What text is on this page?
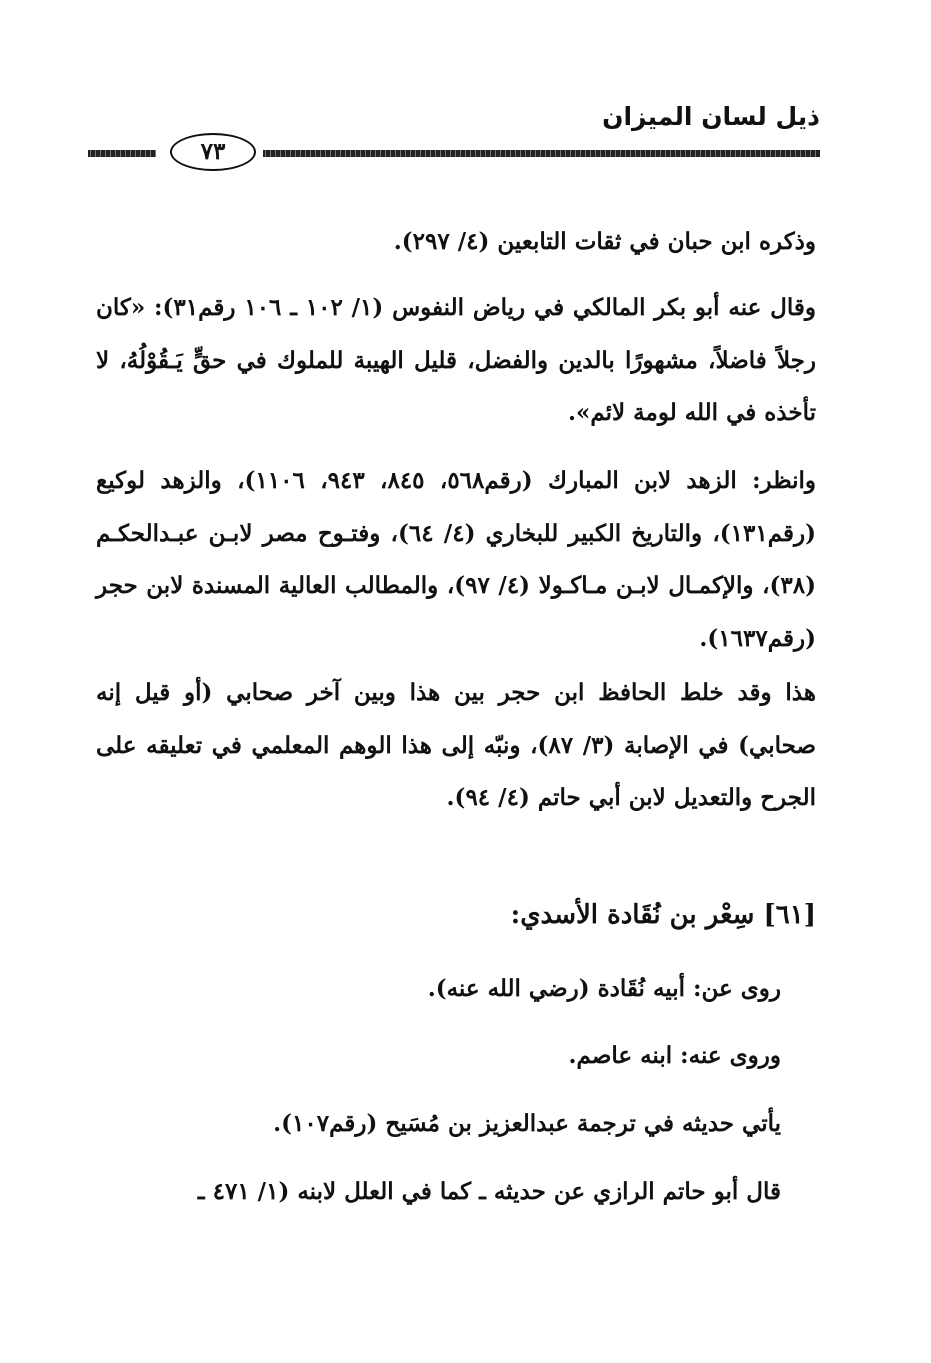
ذيل لسان الميزان
٧٣
وذكره ابن حبان في ثقات التابعين (٤/ ٢٩٧).
وقال عنه أبو بكر المالكي في رياض النفوس (١/ ١٠٢ ـ ١٠٦ رقم٣١): «كان رجلاً فاضلاً، مشهورًا بالدين والفضل، قليل الهيبة للملوك في حقٍّ يَـقُوْلُهُ، لا تأخذه في الله لومة لائم».
وانظر: الزهد لابن المبارك (رقم٥٦٨، ٨٤٥، ٩٤٣، ١١٠٦)، والزهد لوكيع (رقم١٣١)، والتاريخ الكبير للبخاري (٤/ ٦٤)، وفتـوح مصر لابـن عبـدالحكـم (٣٨)، والإكمـال لابـن مـاكـولا (٤/ ٩٧)، والمطالب العالية المسندة لابن حجر (رقم١٦٣٧).
هذا وقد خلط الحافظ ابن حجر بين هذا وبين آخر صحابي (أو قيل إنه صحابي) في الإصابة (٣/ ٨٧)، ونبّه إلى هذا الوهم المعلمي في تعليقه على الجرح والتعديل لابن أبي حاتم (٤/ ٩٤).
[٦١] سِعْر بن نُقَادة الأسدي:
روى عن: أبيه نُقَادة (رضي الله عنه).
وروى عنه: ابنه عاصم.
يأتي حديثه في ترجمة عبدالعزيز بن مُسَيح (رقم١٠٧).
قال أبو حاتم الرازي عن حديثه ـ كما في العلل لابنه (١/ ٤٧١ ـ
